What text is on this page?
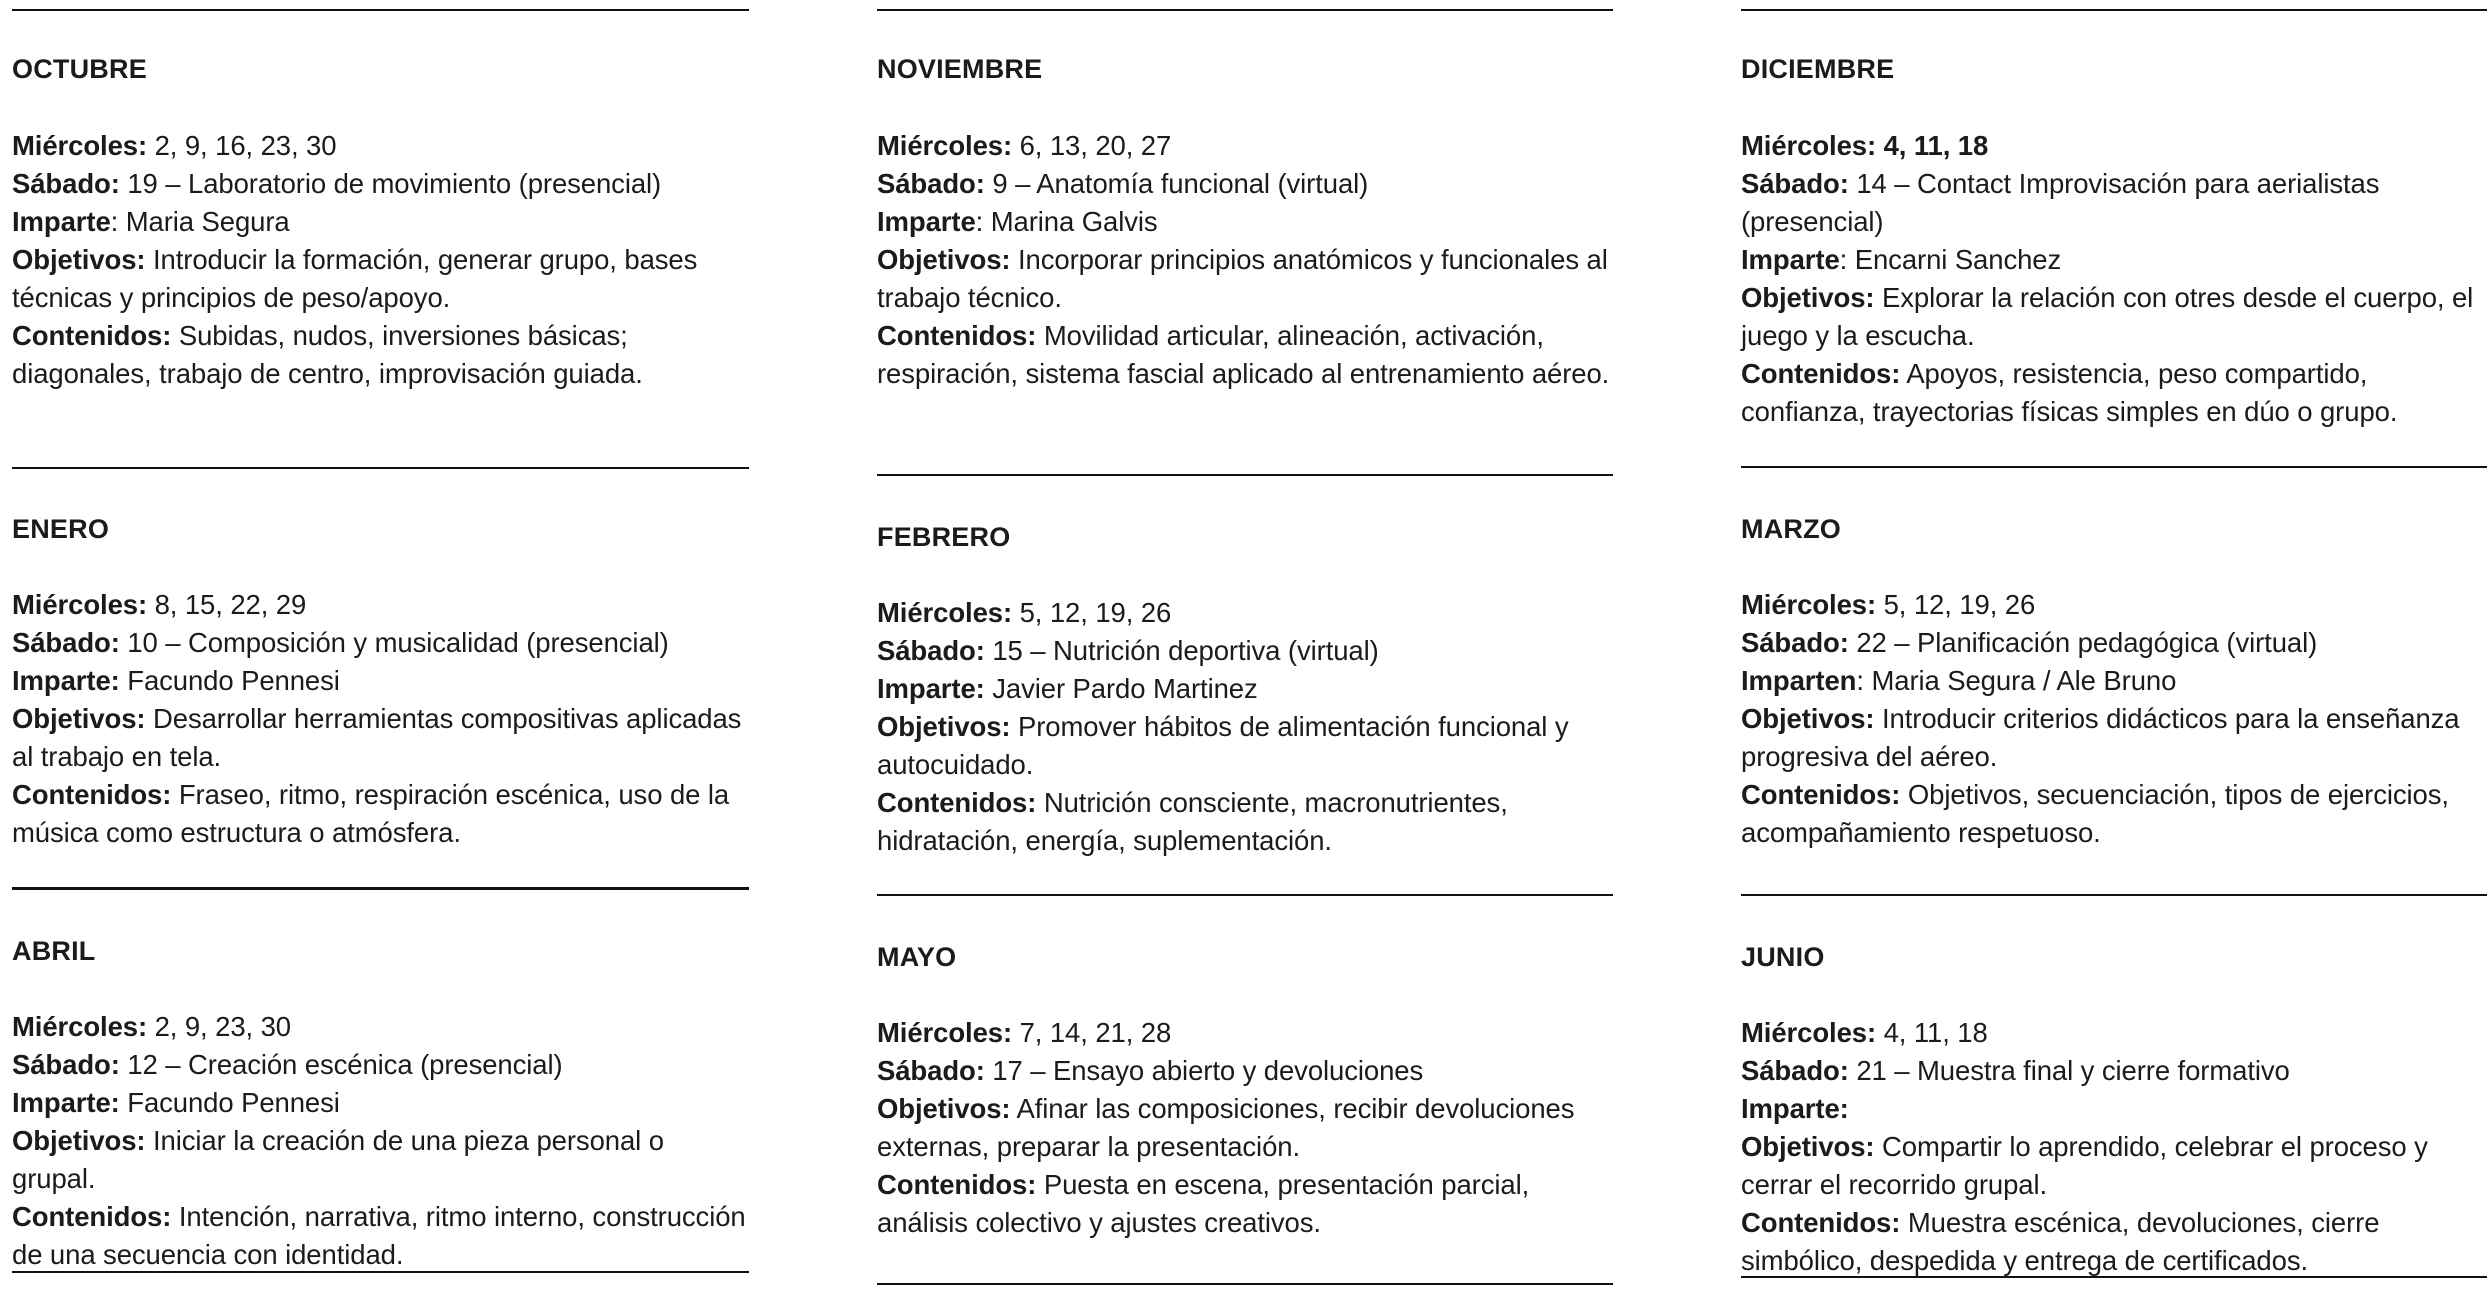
OCTUBRE

Miércoles: 2, 9, 16, 23, 30

Sábado: 19 – Laboratorio de movimiento (presencial)

Imparte: Maria Segura

Objetivos: Introducir la formación, generar grupo, bases técnicas y principios de peso/apoyo.

Contenidos: Subidas, nudos, inversiones básicas; diagonales, trabajo de centro, improvisación guiada.

ENERO

Miércoles: 8, 15, 22, 29

Sábado: 10 – Composición y musicalidad (presencial)

Imparte: Facundo Pennesi

Objetivos: Desarrollar herramientas compositivas aplicadas al trabajo en tela.

Contenidos: Fraseo, ritmo, respiración escénica, uso de la música como estructura o atmósfera.

ABRIL

Miércoles: 2, 9, 23, 30

Sábado: 12 – Creación escénica (presencial)

Imparte: Facundo Pennesi

Objetivos: Iniciar la creación de una pieza personal o grupal.

Contenidos: Intención, narrativa, ritmo interno, construcción de una secuencia con identidad.

NOVIEMBRE

Miércoles: 6, 13, 20, 27

Sábado: 9 – Anatomía funcional (virtual)

Imparte: Marina Galvis

Objetivos: Incorporar principios anatómicos y funcionales al trabajo técnico.

Contenidos: Movilidad articular, alineación, activación, respiración, sistema fascial aplicado al entrenamiento aéreo.

FEBRERO

Miércoles: 5, 12, 19, 26

Sábado: 15 – Nutrición deportiva (virtual)

Imparte: Javier Pardo Martinez

Objetivos: Promover hábitos de alimentación funcional y autocuidado.

Contenidos: Nutrición consciente, macronutrientes, hidratación, energía, suplementación.

MAYO

Miércoles: 7, 14, 21, 28

Sábado: 17 – Ensayo abierto y devoluciones

Objetivos: Afinar las composiciones, recibir devoluciones externas, preparar la presentación.

Contenidos: Puesta en escena, presentación parcial, análisis colectivo y ajustes creativos.

DICIEMBRE

Miércoles: 4, 11, 18

Sábado: 14 – Contact Improvisación para aerialistas (presencial)

Imparte: Encarni Sanchez

Objetivos: Explorar la relación con otres desde el cuerpo, el juego y la escucha.

Contenidos: Apoyos, resistencia, peso compartido, confianza, trayectorias físicas simples en dúo o grupo.

MARZO

Miércoles: 5, 12, 19, 26

Sábado: 22 – Planificación pedagógica (virtual)

Imparten: Maria Segura / Ale Bruno

Objetivos: Introducir criterios didácticos para la enseñanza progresiva del aéreo.

Contenidos: Objetivos, secuenciación, tipos de ejercicios, acompañamiento respetuoso.

JUNIO

Miércoles: 4, 11, 18

Sábado: 21 – Muestra final y cierre formativo

Imparte:

Objetivos: Compartir lo aprendido, celebrar el proceso y cerrar el recorrido grupal.

Contenidos: Muestra escénica, devoluciones, cierre simbólico, despedida y entrega de certificados.
